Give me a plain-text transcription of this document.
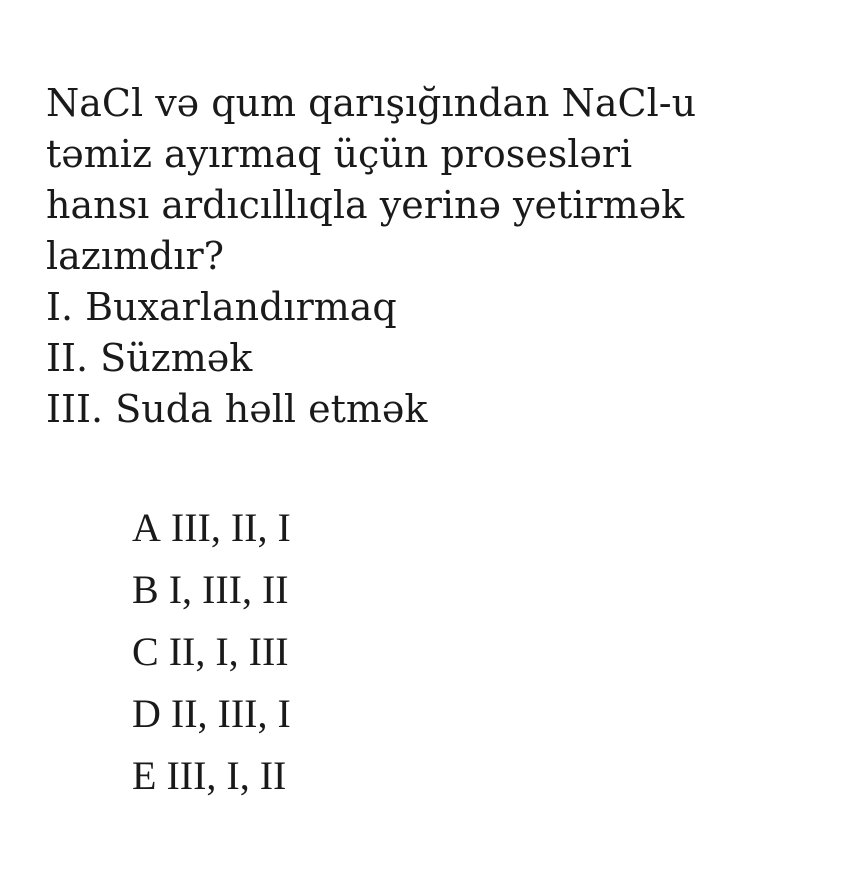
NaCl və qum qarışığından NaCl-u
təmiz ayırmaq üçün prosesləri
hansı ardıcıllıqla yerinə yetirmək
lazımdır?
I. Buxarlandırmaq
II. Süzmək
III. Suda həll etmək
A III, II, I
B I, III, II
C II, I, III
D II, III, I
E III, I, II
